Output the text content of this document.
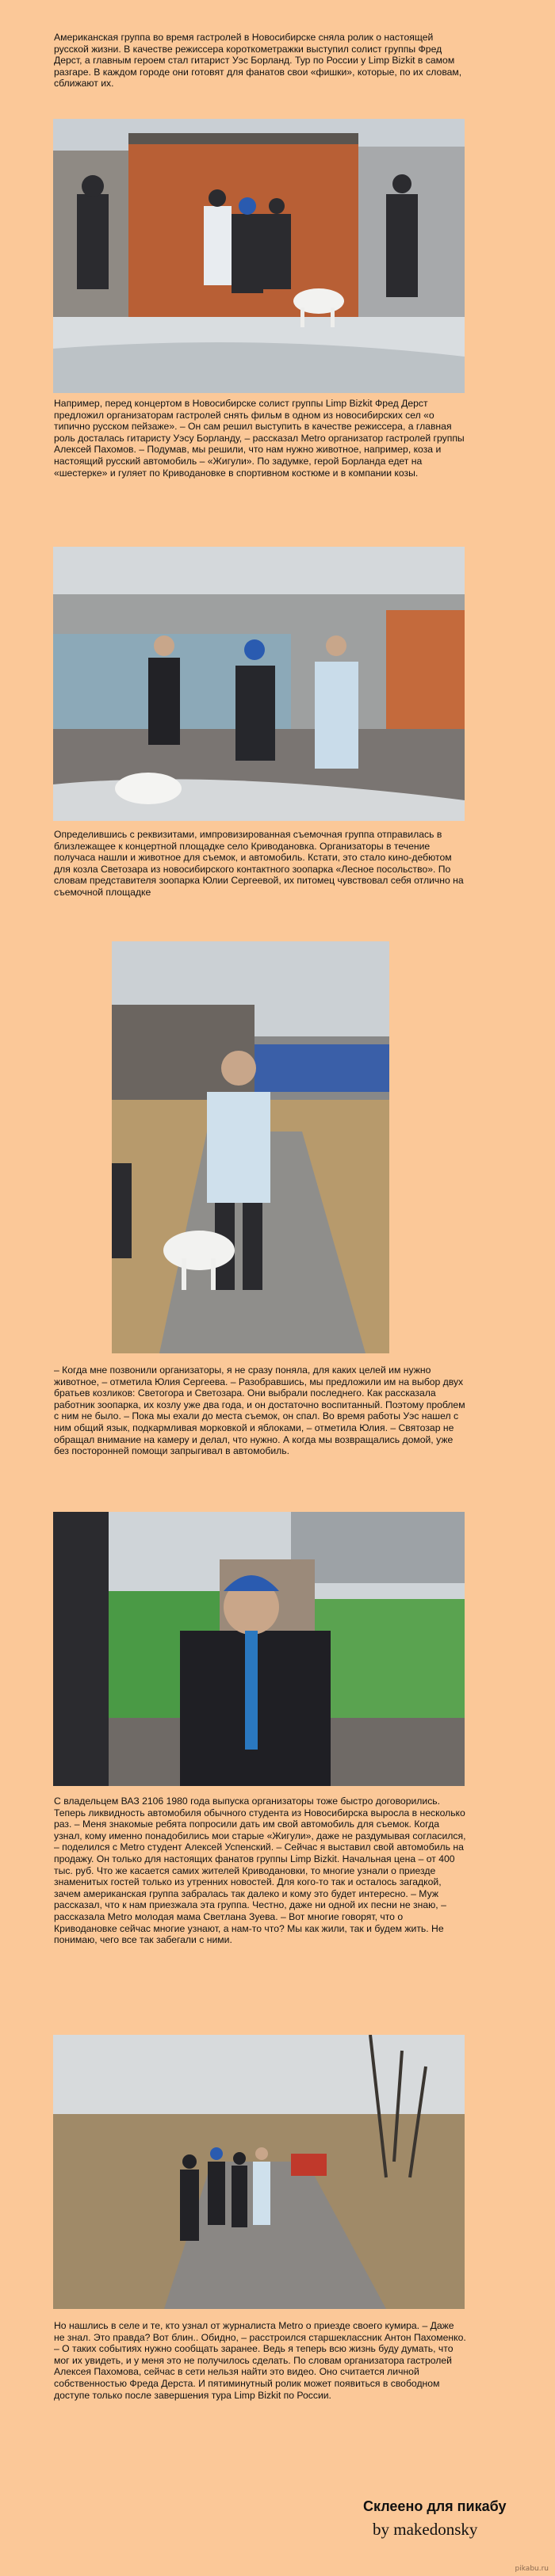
Американская группа во время гастролей в Новосибирске сняла ролик о настоящей русской жизни. В качестве режиссера короткометражки выступил солист группы Фред Дерст, а главным героем стал гитарист Уэс Борланд. Тур по России у Limp Bizkit в самом разгаре. В каждом городе они готовят для фанатов свои «фишки», которые, по их словам, сближают их.

Например, перед концертом в Новосибирске солист группы Limp Bizkit Фред Дерст предложил организаторам гастролей снять фильм в одном из новосибирских сел «о типично русском пейзаже». – Он сам решил выступить в качестве режиссера, а главная роль досталась гитаристу Уэсу Борланду, – рассказал Metro организатор гастролей группы Алексей Пахомов. – Подумав, мы решили, что нам нужно животное, например, коза и настоящий русский автомобиль – «Жигули». По задумке, герой Борланда едет на «шестерке» и гуляет по Криводановке в спортивном костюме и в компании козы.

Определившись с реквизитами, импровизированная съемочная группа отправилась в близлежащее к концертной площадке село Криводановка. Организаторы в течение получаса нашли и животное для съемок, и автомобиль. Кстати, это стало кино-дебютом для козла Светозара из новосибирского контактного зоопарка «Лесное посольство». По словам представителя зоопарка Юлии Сергеевой, их питомец чувствовал себя отлично на съемочной площадке

– Когда мне позвонили организаторы, я не сразу поняла, для каких целей им нужно животное, – отметила Юлия Сергеева. – Разобравшись, мы предложили им на выбор двух братьев козликов: Светогора и Светозара. Они выбрали последнего. Как рассказала работник зоопарка, их козлу уже два года, и он достаточно воспитанный. Поэтому проблем с ним не было. – Пока мы ехали до места съемок, он спал. Во время работы Уэс нашел с ним общий язык, подкармливая морковкой и яблоками, – отметила Юлия. – Святозар не обращал внимание на камеру и делал, что нужно. А когда мы возвращались домой, уже без посторонней помощи запрыгивал в автомобиль.

С владельцем ВАЗ 2106 1980 года выпуска организаторы тоже быстро договорились. Теперь ликвидность автомобиля обычного студента из Новосибирска выросла в несколько раз. – Меня знакомые ребята попросили дать им свой автомобиль для съемок. Когда узнал, кому именно понадобились мои старые «Жигули», даже не раздумывая согласился, – поделился с Metro студент Алексей Успенский. – Сейчас я выставил свой автомобиль на продажу. Он только для настоящих фанатов группы Limp Bizkit. Начальная цена – от 400 тыс. руб. Что же касается самих жителей Криводановки, то многие узнали о приезде знаменитых гостей только из утренних новостей. Для кого-то так и осталось загадкой, зачем американская группа забралась так далеко и кому это будет интересно. – Муж рассказал, что к нам приезжала эта группа. Честно, даже ни одной их песни не знаю, – рассказала Metro молодая мама Светлана Зуева. – Вот многие говорят, что о Криводановке сейчас многие узнают, а нам-то что? Мы как жили, так и будем жить. Не понимаю, чего все так забегали с ними.

Но нашлись в селе и те, кто узнал от журналиста Metro о приезде своего кумира. – Даже не знал. Это правда? Вот блин.. Обидно, – расстроился старшеклассник Антон Пахоменко. – О таких событиях нужно сообщать заранее. Ведь я теперь всю жизнь буду думать, что мог их увидеть, и у меня это не получилось сделать. По словам организатора гастролей Алексея Пахомова, сейчас в сети нельзя найти это видео. Оно считается личной собственностью Фреда Дерста. И пятиминутный ролик может появиться в свободном доступе только после завершения тура Limp Bizkit по России.

Склеено для пикабу

by makedonsky

pikabu.ru
